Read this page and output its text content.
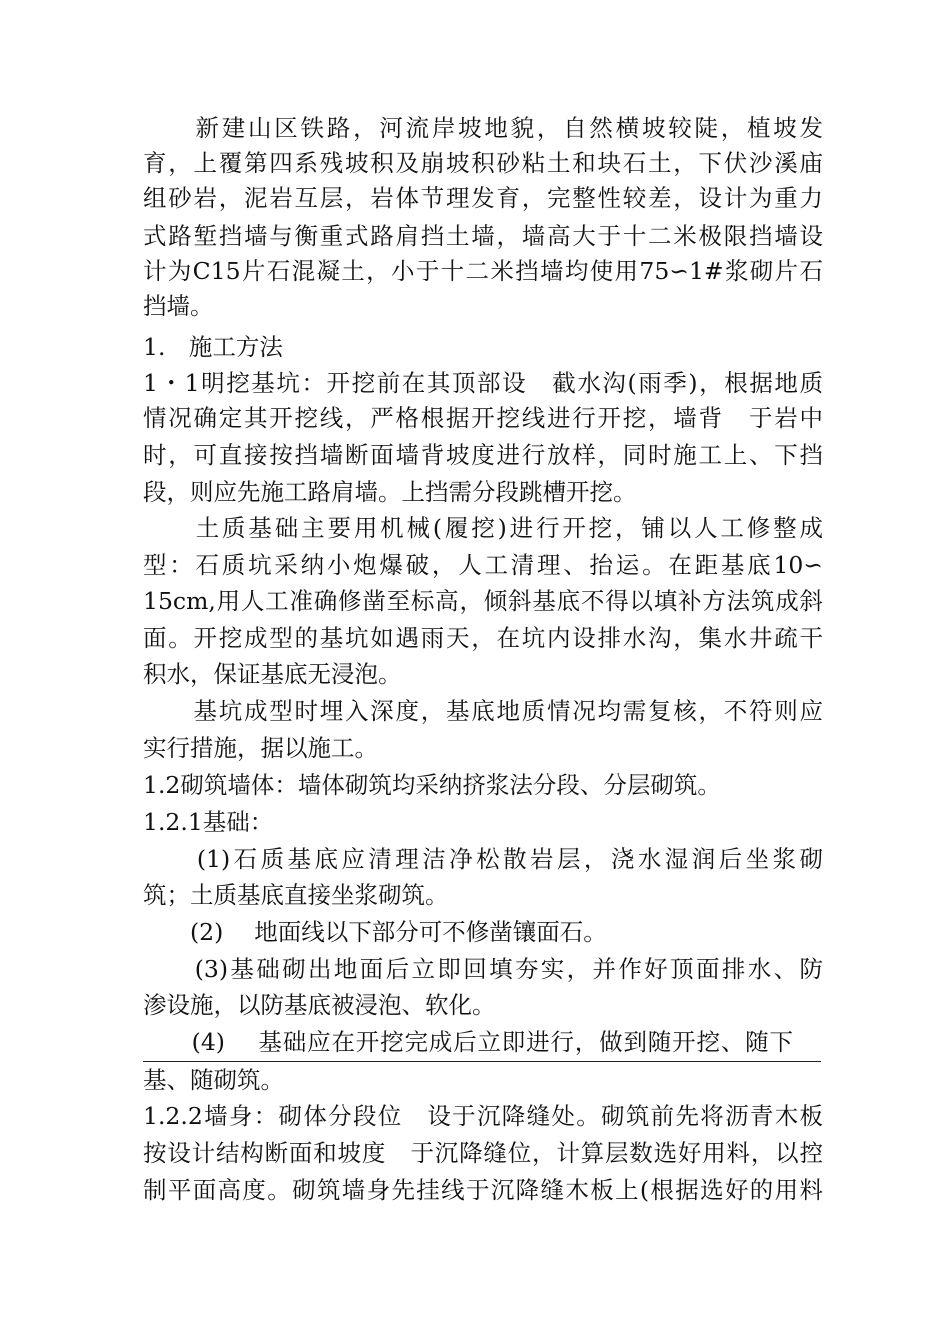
　　新建山区铁路，河流岸坡地貌，自然横坡较陡，植坡发
育，上覆第四系残坡积及崩坡积砂粘土和块石土，下伏沙溪庙
组砂岩，泥岩互层，岩体节理发育，完整性较差，设计为重力
式路堑挡墙与衡重式路肩挡土墙，墙高大于十二米极限挡墙设
计为C15片石混凝土，小于十二米挡墙均使用75∽1#浆砌片石
挡墙。
1.　施工方法
1・1明挖基坑：开挖前在其顶部设　截水沟(雨季)，根据地质
情况确定其开挖线，严格根据开挖线进行开挖，墙背　于岩中
时，可直接按挡墙断面墙背坡度进行放样，同时施工上、下挡
段，则应先施工路肩墙。上挡需分段跳槽开挖。
　　土质基础主要用机械(履挖)进行开挖，铺以人工修整成
型：石质坑采纳小炮爆破，人工清理、抬运。在距基底10∽
15cm,用人工准确修凿至标高，倾斜基底不得以填补方法筑成斜
面。开挖成型的基坑如遇雨天，在坑内设排水沟，集水井疏干
积水，保证基底无浸泡。
　　基坑成型时埋入深度，基底地质情况均需复核，不符则应
实行措施，据以施工。
1.2砌筑墙体：墙体砌筑均采纳挤浆法分段、分层砌筑。
1.2.1基础：
　　(1)石质基底应清理洁净松散岩层，浇水湿润后坐浆砌
筑；土质基底直接坐浆砌筑。
　　(2)　 地面线以下部分可不修凿镶面石。
　　(3)基础砌出地面后立即回填夯实，并作好顶面排水、防
渗设施，以防基底被浸泡、软化。
　　(4)　 基础应在开挖完成后立即进行，做到随开挖、随下
基、随砌筑。
1.2.2墙身：砌体分段位　设于沉降缝处。砌筑前先将沥青木板
按设计结构断面和坡度　于沉降缝位，计算层数选好用料，以控
制平面高度。砌筑墙身先挂线于沉降缝木板上(根据选好的用料
